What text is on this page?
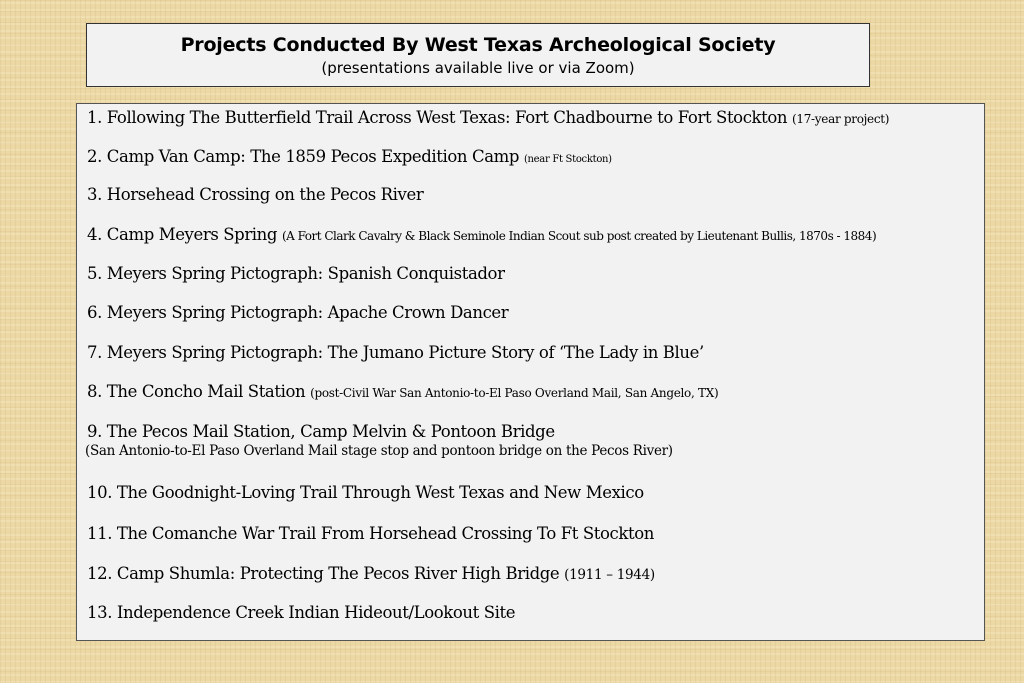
Projects Conducted By West Texas Archeological Society
(presentations available live or via Zoom)
1. Following The Butterfield Trail Across West Texas: Fort Chadbourne to Fort Stockton (17-year project)
2. Camp Van Camp: The 1859 Pecos Expedition Camp (near Ft Stockton)
3. Horsehead Crossing on the Pecos River
4. Camp Meyers Spring (A Fort Clark Cavalry & Black Seminole Indian Scout sub post created by Lieutenant Bullis, 1870s - 1884)
5. Meyers Spring Pictograph: Spanish Conquistador
6. Meyers Spring Pictograph: Apache Crown Dancer
7. Meyers Spring Pictograph: The Jumano Picture Story of ‘The Lady in Blue’
8. The Concho Mail Station (post-Civil War San Antonio-to-El Paso Overland Mail, San Angelo, TX)
9. The Pecos Mail Station, Camp Melvin & Pontoon Bridge
(San Antonio-to-El Paso Overland Mail stage stop and pontoon bridge on the Pecos River)
10. The Goodnight-Loving Trail Through West Texas and New Mexico
11. The Comanche War Trail From Horsehead Crossing To Ft Stockton
12. Camp Shumla: Protecting The Pecos River High Bridge (1911 – 1944)
13. Independence Creek Indian Hideout/Lookout Site
